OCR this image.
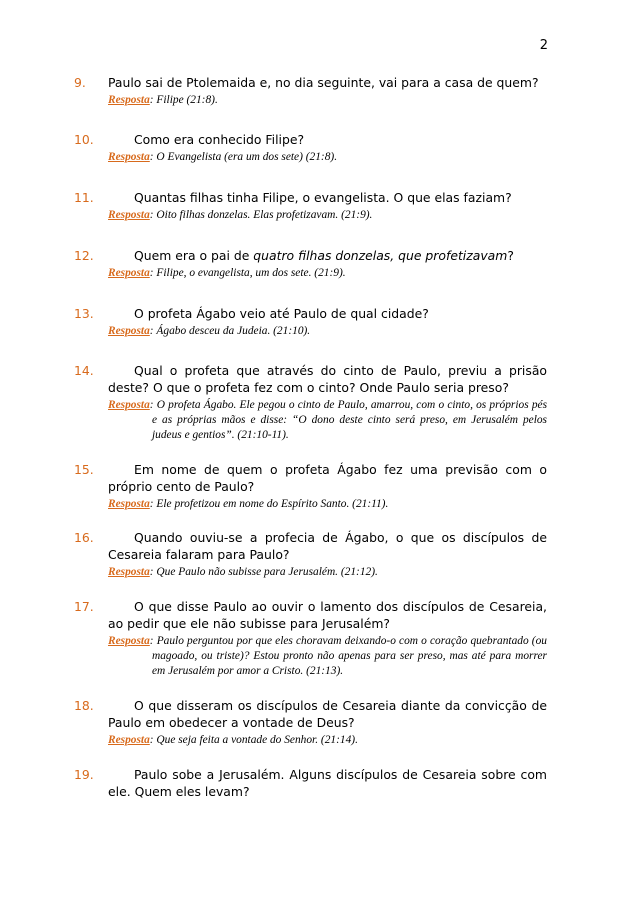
2
9. Paulo sai de Ptolemaida e, no dia seguinte, vai para a casa de quem?
Resposta: Filipe (21:8).
10.	Como era conhecido Filipe?
Resposta: O Evangelista (era um dos sete) (21:8).
11.	Quantas filhas tinha Filipe, o evangelista. O que elas faziam?
Resposta: Oito filhas donzelas. Elas profetizavam. (21:9).
12.	Quem era o pai de quatro filhas donzelas, que profetizavam?
Resposta: Filipe, o evangelista, um dos sete. (21:9).
13.	O profeta Ágabo veio até Paulo de qual cidade?
Resposta: Ágabo desceu da Judeia. (21:10).
14.	Qual o profeta que através do cinto de Paulo, previu a prisão deste? O que o profeta fez com o cinto? Onde Paulo seria preso?
Resposta: O profeta Ágabo. Ele pegou o cinto de Paulo, amarrou, com o cinto, os próprios pés e as próprias mãos e disse: “O dono deste cinto será preso, em Jerusalém pelos judeus e gentios”. (21:10-11).
15.	Em nome de quem o profeta Ágabo fez uma previsão com o próprio cento de Paulo?
Resposta: Ele profetizou em nome do Espírito Santo. (21:11).
16.	Quando ouviu-se a profecia de Ágabo, o que os discípulos de Cesareia falaram para Paulo?
Resposta: Que Paulo não subisse para Jerusalém. (21:12).
17.	O que disse Paulo ao ouvir o lamento dos discípulos de Cesareia, ao pedir que ele não subisse para Jerusalém?
Resposta: Paulo perguntou por que eles choravam deixando-o com o coração quebrantado (ou magoado, ou triste)? Estou pronto não apenas para ser preso, mas até para morrer em Jerusalém por amor a Cristo. (21:13).
18.	O que disseram os discípulos de Cesareia diante da convicção de Paulo em obedecer a vontade de Deus?
Resposta: Que seja feita a vontade do Senhor. (21:14).
19.	Paulo sobe a Jerusalém. Alguns discípulos de Cesareia sobre com ele. Quem eles levam?
